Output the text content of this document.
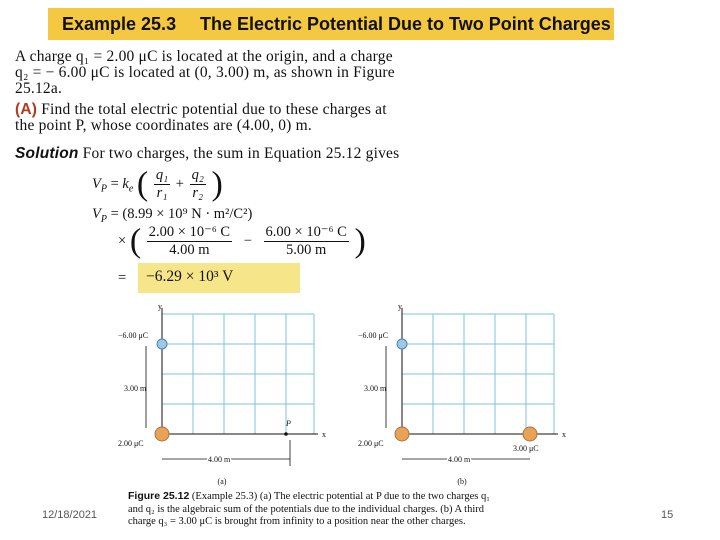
Example 25.3 The Electric Potential Due to Two Point Charges
A charge q₁ = 2.00 μC is located at the origin, and a charge
q₂ = − 6.00 μC is located at (0, 3.00) m, as shown in Figure
25.12a.
(A) Find the total electric potential due to these charges at
the point P, whose coordinates are (4.00, 0) m.
Solution For two charges, the sum in Equation 25.12 gives
$V_P = k_e$ ( $\frac{\text{q₁}}{\text{r₁}} + \frac{\text{q₂}}{\text{r₂}}$ )
$V_P = (8.99 \times 10^9$ N · m²/C²)
× ( $\frac{\text{2.00 × 10⁻⁶ C}}{4.00 m} - \frac{\text{6.00 × 10⁻⁶ C}}{5.00 m}$ )
= −6.29 × 10³ V
y
x
−6.00 μC
2.00 μC
3.00 m
P
4.00 m
(a)
y
x
−6.00 μC
2.00 μC
3.00 m
3.00 μC
4.00 m
(b)
Figure 25.12 (Example 25.3) (a) The electric potential at P due to the two charges q₁
and q₂ is the algebraic sum of the potentials due to the individual charges. (b) A third
charge q₃ = 3.00 μC is brought from infinity to a position near the other charges.
12/18/2021	15
